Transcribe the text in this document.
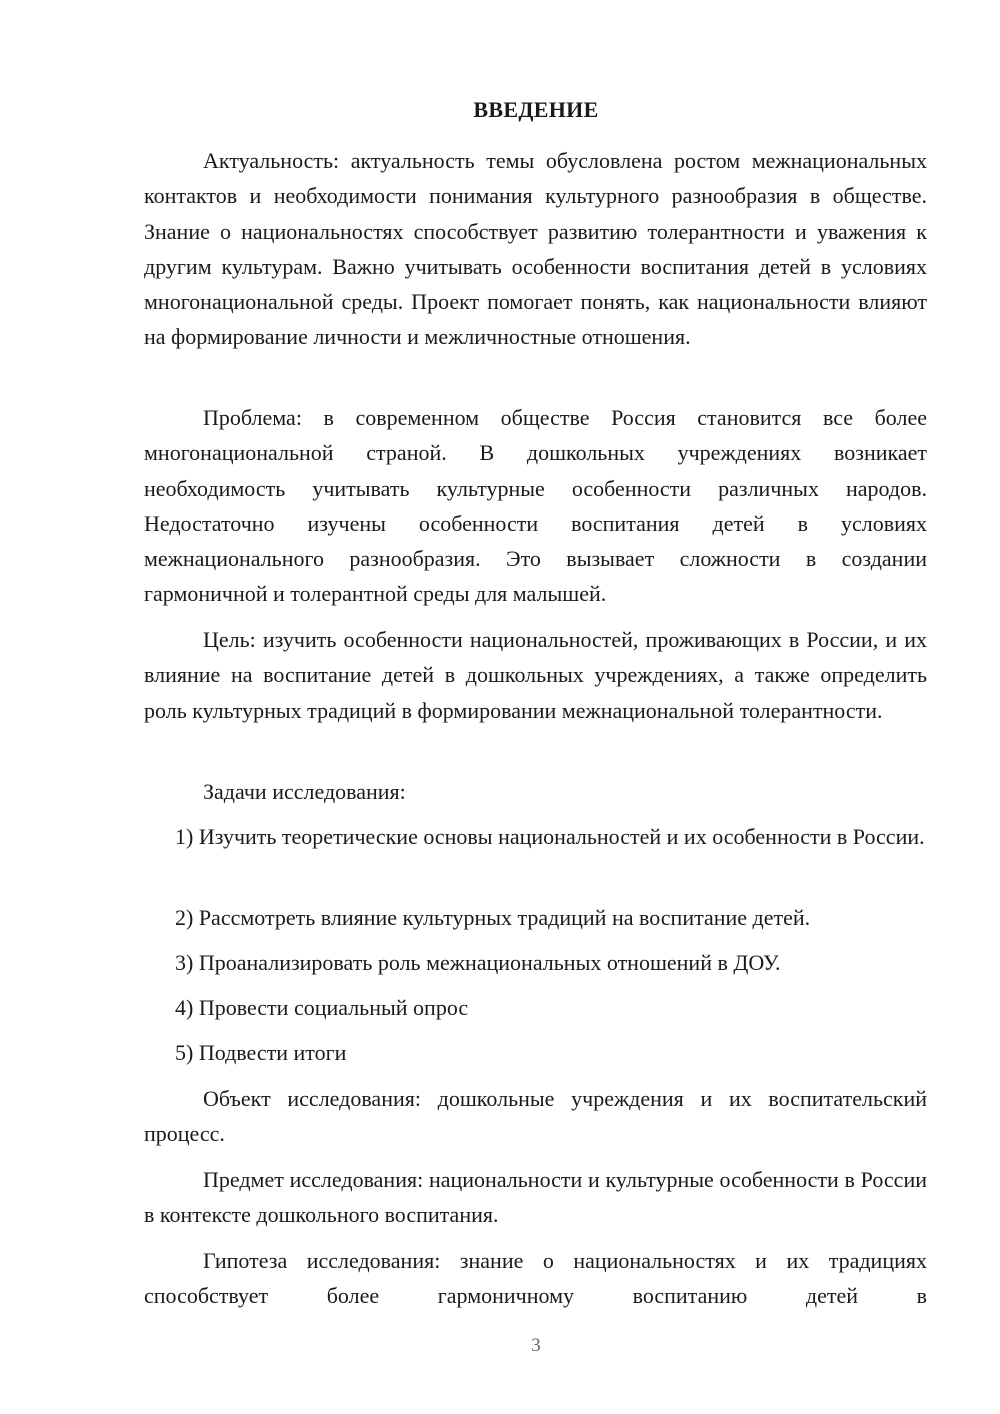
ВВЕДЕНИЕ

Актуальность: актуальность темы обусловлена ростом межнациональных контактов и необходимости понимания культурного разнообразия в обществе. Знание о национальностях способствует развитию толерантности и уважения к другим культурам. Важно учитывать особенности воспитания детей в условиях многонациональной среды. Проект помогает понять, как национальности влияют на формирование личности и межличностные отношения.

Проблема: в современном обществе Россия становится все более многонациональной страной. В дошкольных учреждениях возникает необходимость учитывать культурные особенности различных народов. Недостаточно изучены особенности воспитания детей в условиях межнационального разнообразия. Это вызывает сложности в создании гармоничной и толерантной среды для малышей.

Цель: изучить особенности национальностей, проживающих в России, и их влияние на воспитание детей в дошкольных учреждениях, а также определить роль культурных традиций в формировании межнациональной толерантности.

Задачи исследования:

1) Изучить теоретические основы национальностей и их особенности в России.

2) Рассмотреть влияние культурных традиций на воспитание детей.

3) Проанализировать роль межнациональных отношений в ДОУ.

4) Провести социальный опрос

5) Подвести итоги

Объект исследования: дошкольные учреждения и их воспитательский процесс.

Предмет исследования: национальности и культурные особенности в России в контексте дошкольного воспитания.

Гипотеза исследования: знание о национальностях и их традициях способствует более гармоничному воспитанию детей в

3
